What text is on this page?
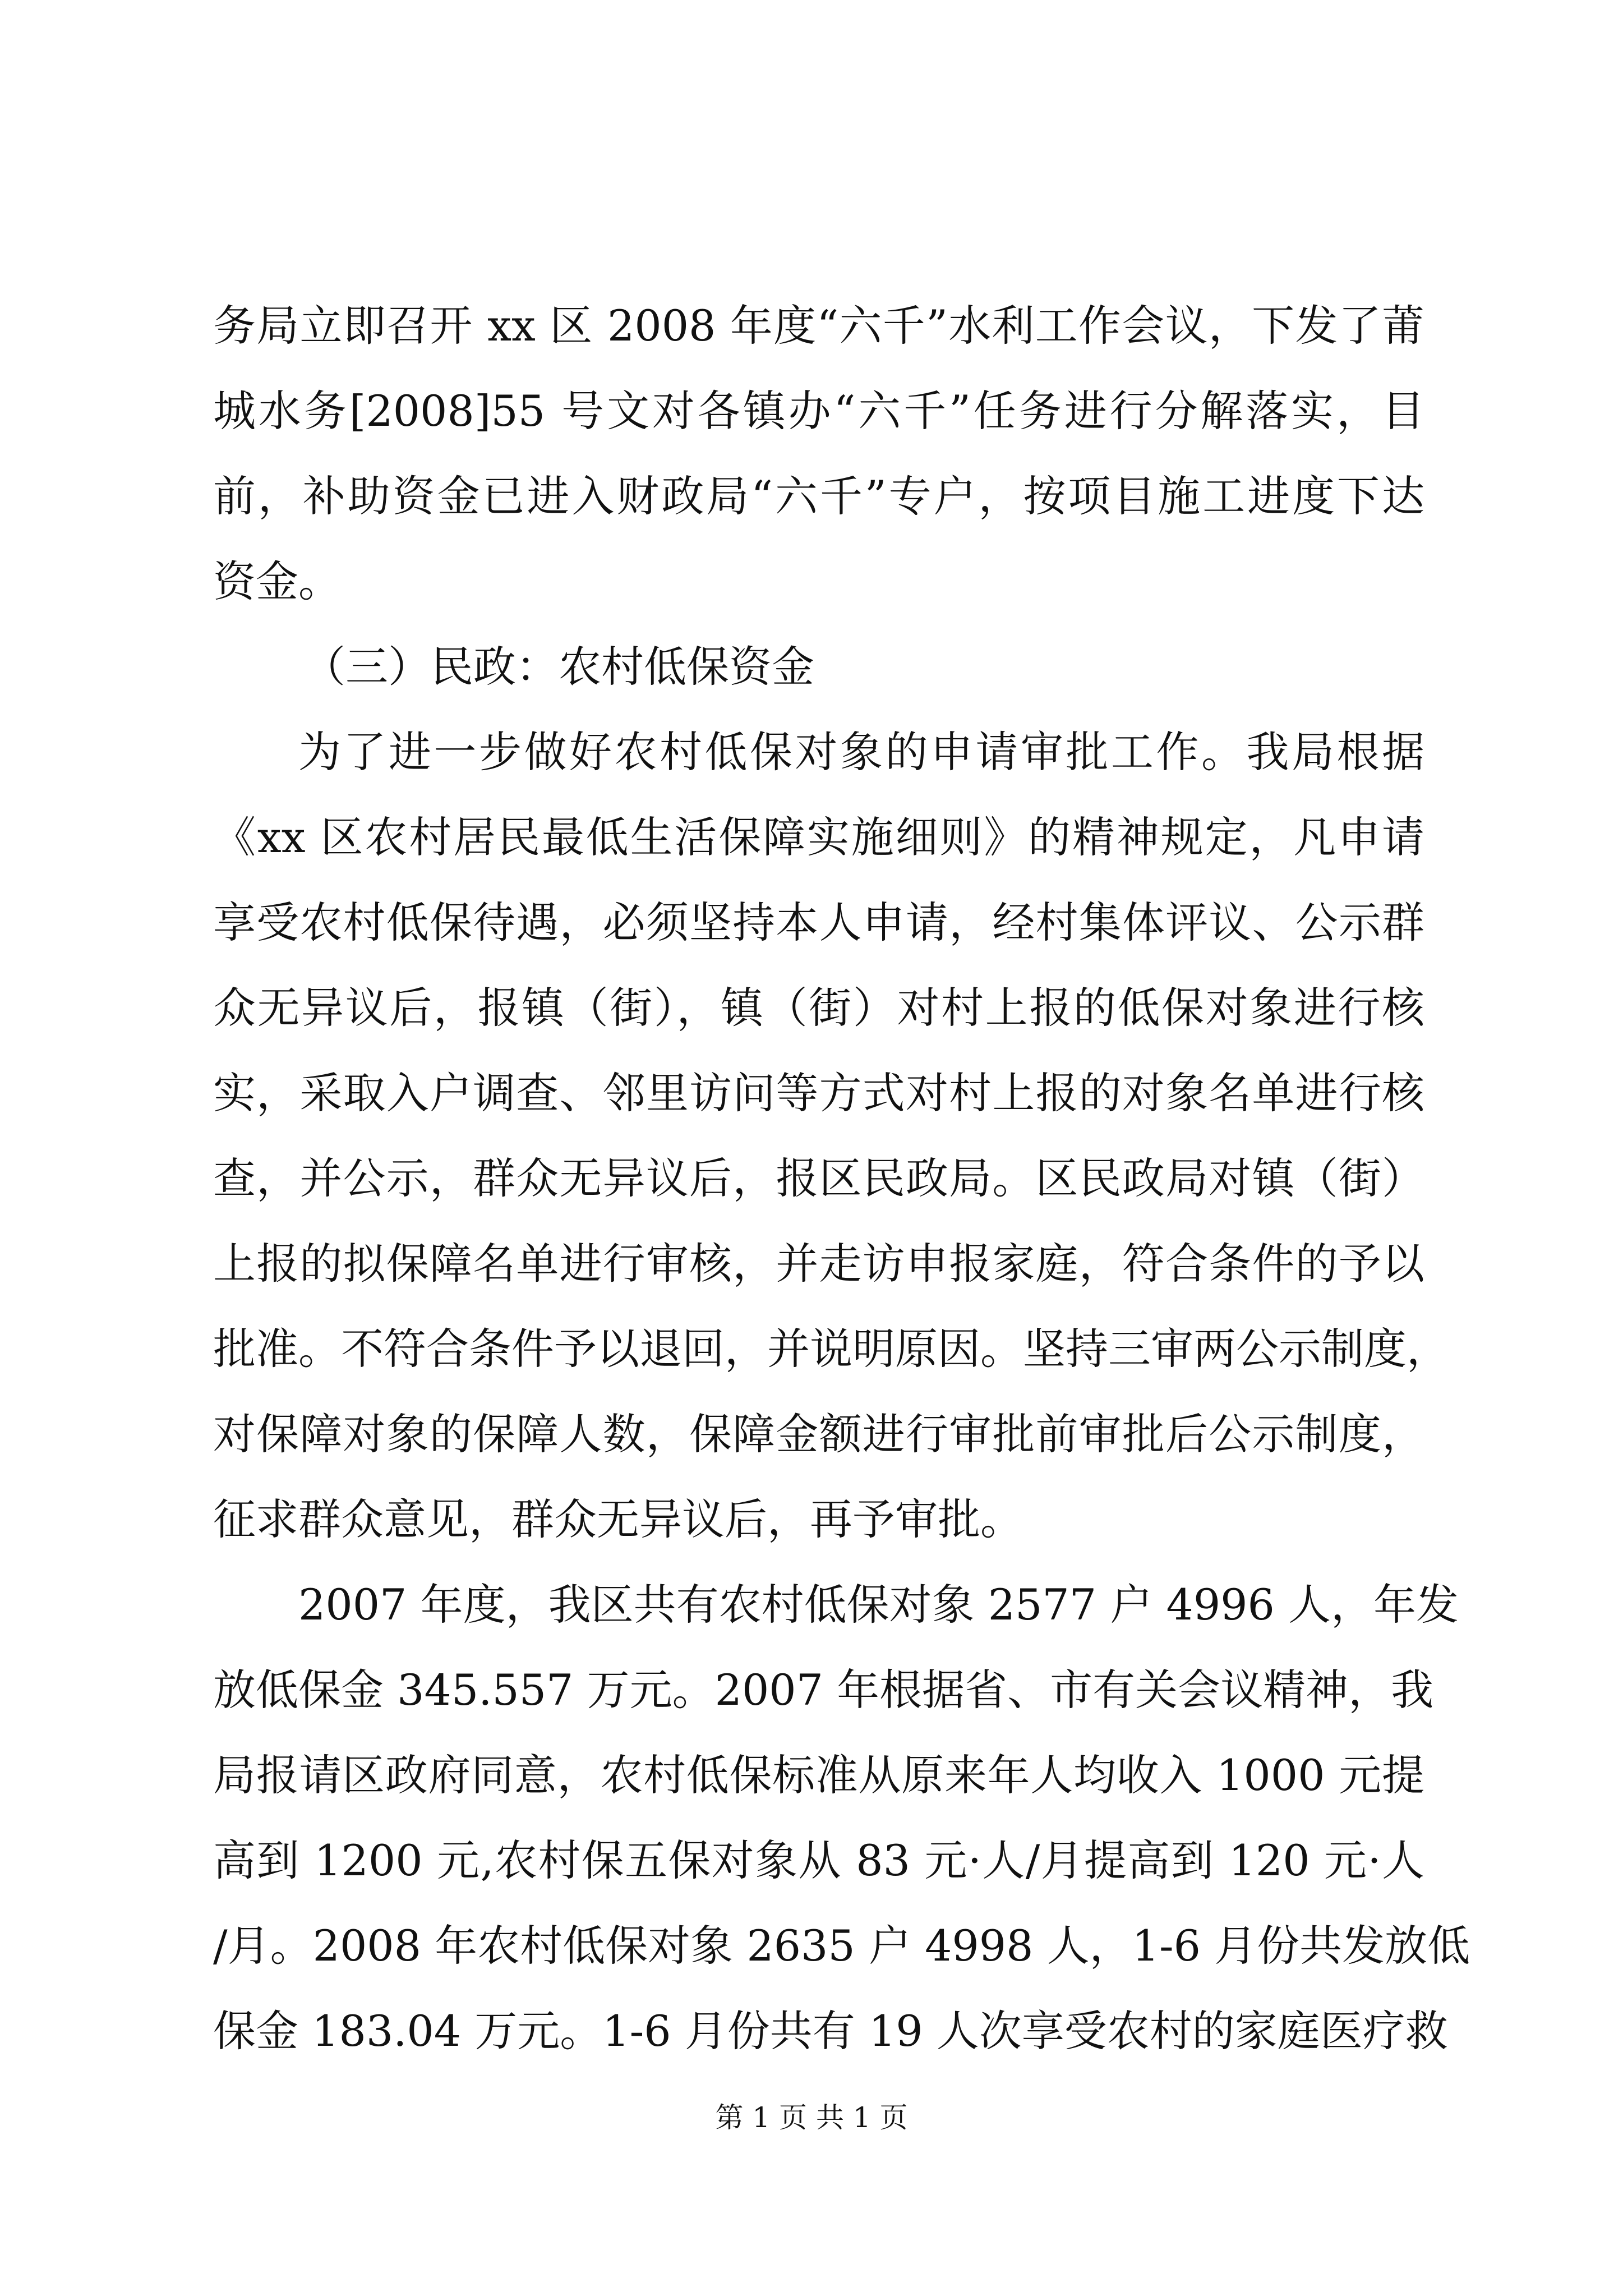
务局立即召开 xx 区 2008 年度“六千”水利工作会议，下发了莆
城水务[2008]55 号文对各镇办“六千”任务进行分解落实，目
前，补助资金已进入财政局“六千”专户，按项目施工进度下达
资金。
（三）民政：农村低保资金
为了进一步做好农村低保对象的申请审批工作。我局根据
《xx 区农村居民最低生活保障实施细则》的精神规定，凡申请
享受农村低保待遇，必须坚持本人申请，经村集体评议、公示群
众无异议后，报镇（街），镇（街）对村上报的低保对象进行核
实，采取入户调查、邻里访问等方式对村上报的对象名单进行核
查，并公示，群众无异议后，报区民政局。区民政局对镇（街）
上报的拟保障名单进行审核，并走访申报家庭，符合条件的予以
批准。不符合条件予以退回，并说明原因。坚持三审两公示制度，
对保障对象的保障人数，保障金额进行审批前审批后公示制度，
征求群众意见，群众无异议后，再予审批。
2007 年度，我区共有农村低保对象 2577 户 4996 人，年发
放低保金 345.557 万元。2007 年根据省、市有关会议精神，我
局报请区政府同意，农村低保标准从原来年人均收入 1000 元提
高到 1200 元,农村保五保对象从 83 元·人/月提高到 120 元·人
/月。2008 年农村低保对象 2635 户 4998 人，1-6 月份共发放低
保金 183.04 万元。1-6 月份共有 19 人次享受农村的家庭医疗救
第 1 页 共 1 页
